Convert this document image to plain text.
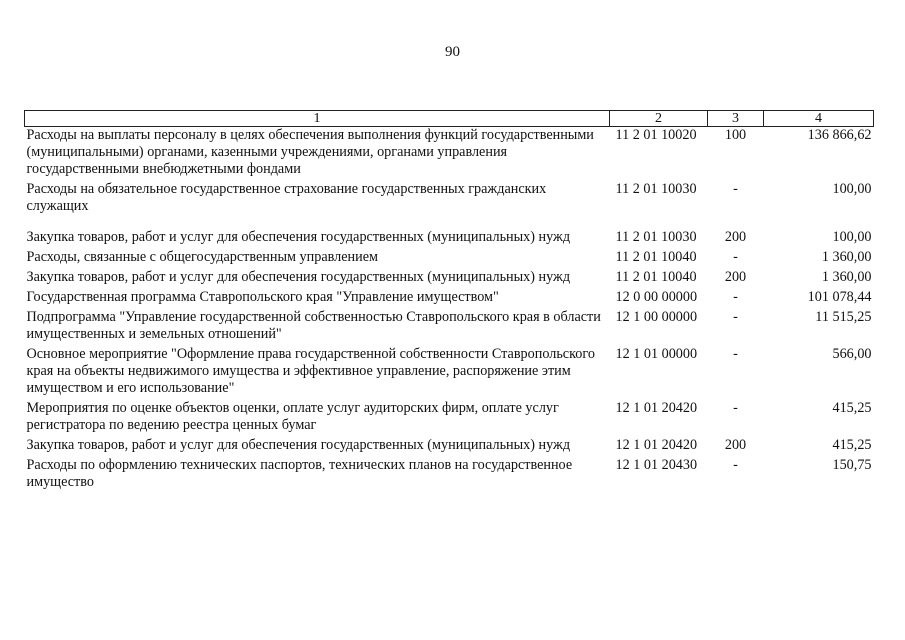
90
1	2	3	4
Расходы на выплаты персоналу в целях обеспечения выполнения функций государственными (муниципальными) органами, казенными учреждениями, органами управления государственными внебюджетными фондами	11 2 01 10020	100	136 866,62
Расходы на обязательное государственное страхование государственных гражданских служащих	11 2 01 10030	-	100,00
Закупка товаров, работ и услуг для обеспечения государственных (муниципальных) нужд	11 2 01 10030	200	100,00
Расходы, связанные с общегосударственным управлением	11 2 01 10040	-	1 360,00
Закупка товаров, работ и услуг для обеспечения государственных (муниципальных) нужд	11 2 01 10040	200	1 360,00
Государственная программа Ставропольского края "Управление имуществом"	12 0 00 00000	-	101 078,44
Подпрограмма "Управление государственной собственностью Ставропольского края в области имущественных и земельных отношений"	12 1 00 00000	-	11 515,25
Основное мероприятие "Оформление права государственной собственности Ставропольского края на объекты недвижимого имущества и эффективное управление, распоряжение этим имуществом и его использование"	12 1 01 00000	-	566,00
Мероприятия по оценке объектов оценки, оплате услуг аудиторских фирм, оплате услуг регистратора по ведению реестра ценных бумаг	12 1 01 20420	-	415,25
Закупка товаров, работ и услуг для обеспечения государственных (муниципальных) нужд	12 1 01 20420	200	415,25
Расходы по оформлению технических паспортов, технических планов на государственное имущество	12 1 01 20430	-	150,75
